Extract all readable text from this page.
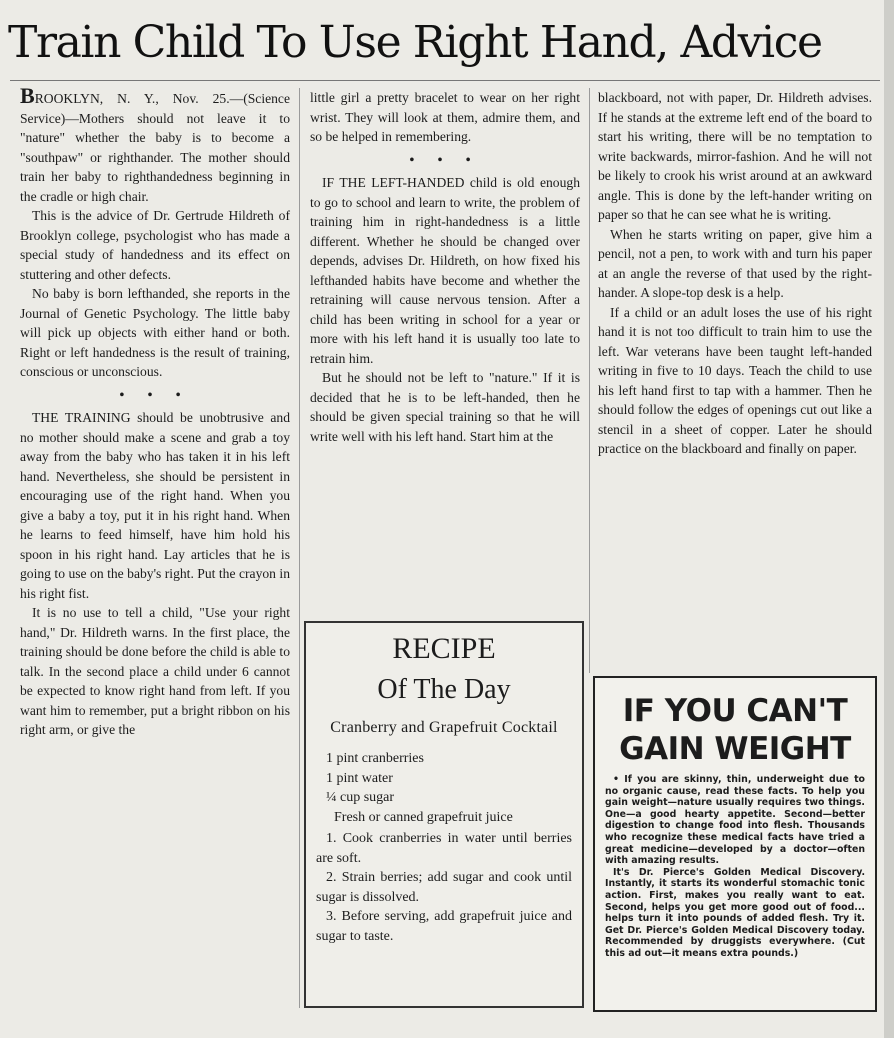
Train Child To Use Right Hand, Advice

BROOKLYN, N. Y., Nov. 25.—(Science Service)—Mothers should not leave it to "nature" whether the baby is to become a "southpaw" or righthander. The mother should train her baby to righthandedness beginning in the cradle or high chair.

This is the advice of Dr. Gertrude Hildreth of Brooklyn college, psychologist who has made a special study of handedness and its effect on stuttering and other defects.

No baby is born lefthanded, she reports in the Journal of Genetic Psychology. The little baby will pick up objects with either hand or both. Right or left handedness is the result of training, conscious or unconscious.

• • •

THE TRAINING should be unobtrusive and no mother should make a scene and grab a toy away from the baby who has taken it in his left hand. Nevertheless, she should be persistent in encouraging use of the right hand. When you give a baby a toy, put it in his right hand. When he learns to feed himself, have him hold his spoon in his right hand. Lay articles that he is going to use on the baby's right. Put the crayon in his right fist.

It is no use to tell a child, "Use your right hand," Dr. Hildreth warns. In the first place, the training should be done before the child is able to talk. In the second place a child under 6 cannot be expected to know right hand from left. If you want him to remember, put a bright ribbon on his right arm, or give the

little girl a pretty bracelet to wear on her right wrist. They will look at them, admire them, and so be helped in remembering.

• • •

IF THE LEFT-HANDED child is old enough to go to school and learn to write, the problem of training him in right-handedness is a little different. Whether he should be changed over depends, advises Dr. Hildreth, on how fixed his lefthanded habits have become and whether the retraining will cause nervous tension. After a child has been writing in school for a year or more with his left hand it is usually too late to retrain him.

But he should not be left to "nature." If it is decided that he is to be left-handed, then he should be given special training so that he will write well with his left hand. Start him at the

blackboard, not with paper, Dr. Hildreth advises. If he stands at the extreme left end of the board to start his writing, there will be no temptation to write backwards, mirror-fashion. And he will not be likely to crook his wrist around at an awkward angle. This is done by the left-hander writing on paper so that he can see what he is writing.

When he starts writing on paper, give him a pencil, not a pen, to work with and turn his paper at an angle the reverse of that used by the right-hander. A slope-top desk is a help.

If a child or an adult loses the use of his right hand it is not too difficult to train him to use the left. War veterans have been taught left-handed writing in five to 10 days. Teach the child to use his left hand first to tap with a hammer. Then he should follow the edges of openings cut out like a stencil in a sheet of copper. Later he should practice on the blackboard and finally on paper.

RECIPE
Of The Day
Cranberry and Grapefruit Cocktail
1 pint cranberries
1 pint water
¼ cup sugar
Fresh or canned grapefruit juice

1. Cook cranberries in water until berries are soft.

2. Strain berries; add sugar and cook until sugar is dissolved.

3. Before serving, add grapefruit juice and sugar to taste.

IF YOU CAN'T
GAIN WEIGHT

• If you are skinny, thin, underweight due to no organic cause, read these facts. To help you gain weight—nature usually requires two things. One—a good hearty appetite. Second—better digestion to change food into flesh. Thousands who recognize these medical facts have tried a great medicine—developed by a doctor—often with amazing results.

It's Dr. Pierce's Golden Medical Discovery. Instantly, it starts its wonderful stomachic tonic action. First, makes you really want to eat. Second, helps you get more good out of food... helps turn it into pounds of added flesh. Try it. Get Dr. Pierce's Golden Medical Discovery today. Recommended by druggists everywhere. (Cut this ad out—it means extra pounds.)
